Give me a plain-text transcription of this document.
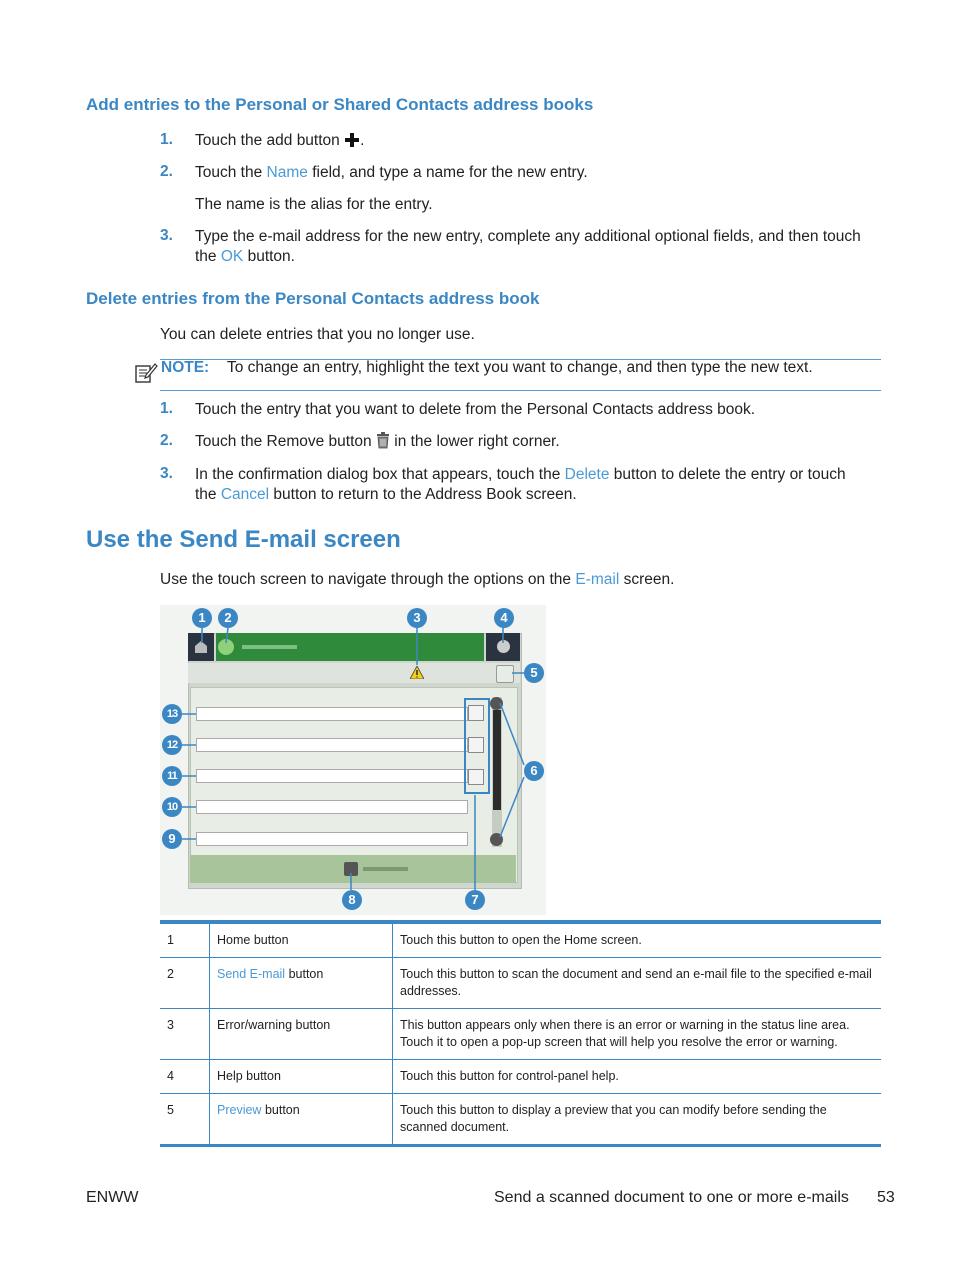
Add entries to the Personal or Shared Contacts address books
1. Touch the add button .
2. Touch the Name field, and type a name for the new entry.
The name is the alias for the entry.
3. Type the e-mail address for the new entry, complete any additional optional fields, and then touch
the OK button.
Delete entries from the Personal Contacts address book
You can delete entries that you no longer use.
NOTE: To change an entry, highlight the text you want to change, and then type the new text.
1. Touch the entry that you want to delete from the Personal Contacts address book.
2. Touch the Remove button  in the lower right corner.
3. In the confirmation dialog box that appears, touch the Delete button to delete the entry or touch
the Cancel button to return to the Address Book screen.
Use the Send E-mail screen
Use the touch screen to navigate through the options on the E-mail screen.
1	2	3	4
5
6
7
8
9
10
11
12
13
1	Home button	Touch this button to open the Home screen.
2	Send E-mail button	Touch this button to scan the document and send an e-mail file to the specified e-mail addresses.
3	Error/warning button	This button appears only when there is an error or warning in the status line area. Touch it to open a pop-up screen that will help you resolve the error or warning.
4	Help button	Touch this button for control-panel help.
5	Preview button	Touch this button to display a preview that you can modify before sending the scanned document.
ENWW	Send a scanned document to one or more e-mails 53
